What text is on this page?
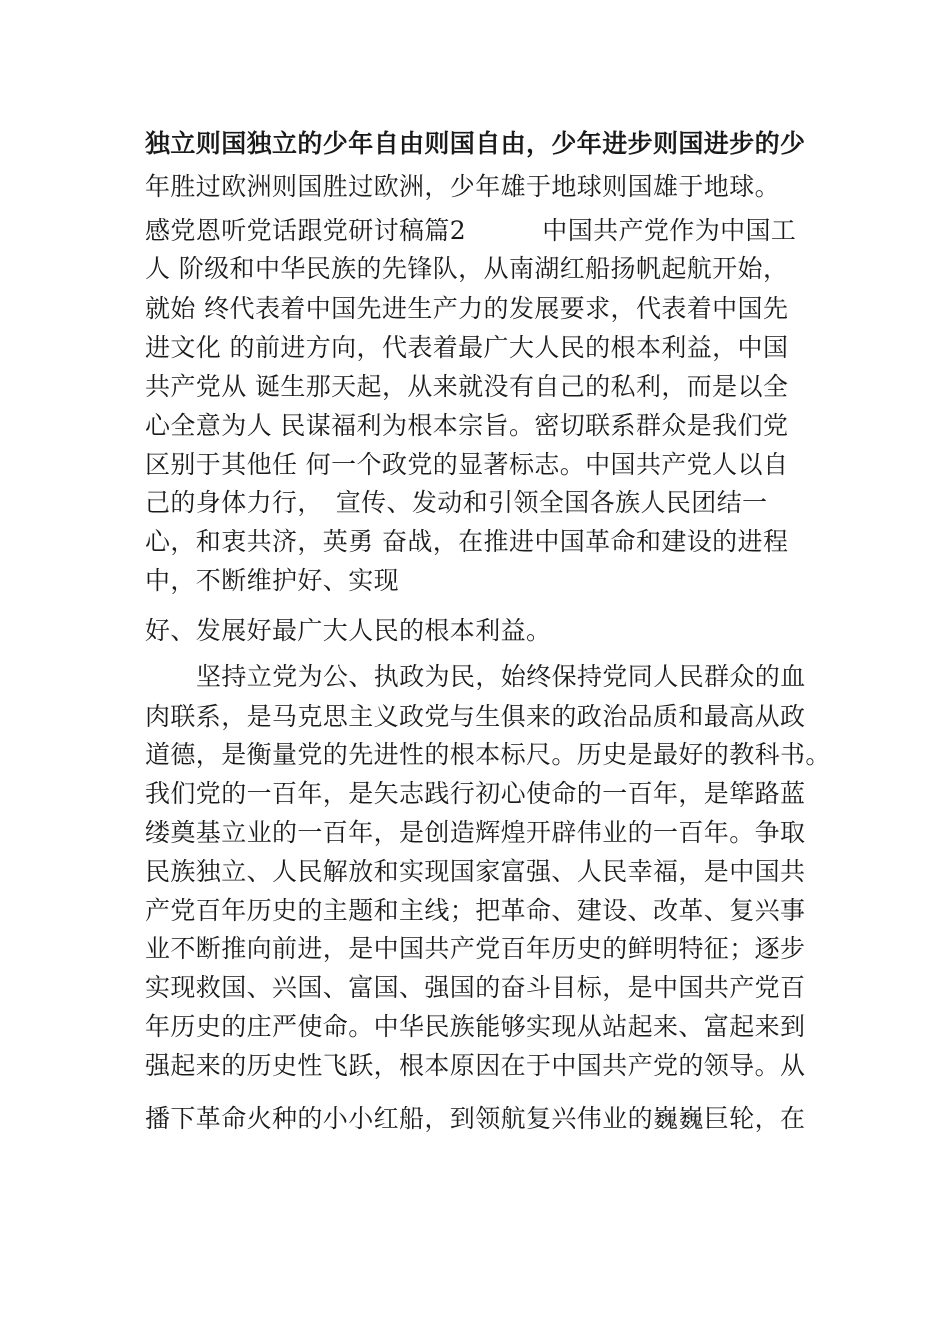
独立则国独立的少年自由则国自由，少年进步则国进步的少
年胜过欧洲则国胜过欧洲，少年雄于地球则国雄于地球。
感党恩听党话跟党研讨稿篇2　　　中国共产党作为中国工
人 阶级和中华民族的先锋队，从南湖红船扬帆起航开始，
就始 终代表着中国先进生产力的发展要求，代表着中国先
进文化 的前进方向，代表着最广大人民的根本利益，中国
共产党从 诞生那天起，从来就没有自己的私利，而是以全
心全意为人 民谋福利为根本宗旨。密切联系群众是我们党
区别于其他任 何一个政党的显著标志。中国共产党人以自
己的身体力行，　宣传、发动和引领全国各族人民团结一
心，和衷共济，英勇 奋战，在推进中国革命和建设的进程
中，不断维护好、实现
好、发展好最广大人民的根本利益。
坚持立党为公、执政为民，始终保持党同人民群众的血
肉联系，是马克思主义政党与生俱来的政治品质和最高从政
道德，是衡量党的先进性的根本标尺。历史是最好的教科书。
我们党的一百年，是矢志践行初心使命的一百年，是筚路蓝
缕奠基立业的一百年，是创造辉煌开辟伟业的一百年。争取
民族独立、人民解放和实现国家富强、人民幸福，是中国共
产党百年历史的主题和主线；把革命、建设、改革、复兴事
业不断推向前进，是中国共产党百年历史的鲜明特征；逐步
实现救国、兴国、富国、强国的奋斗目标，是中国共产党百
年历史的庄严使命。中华民族能够实现从站起来、富起来到
强起来的历史性飞跃，根本原因在于中国共产党的领导。从
播下革命火种的小小红船，到领航复兴伟业的巍巍巨轮，在
